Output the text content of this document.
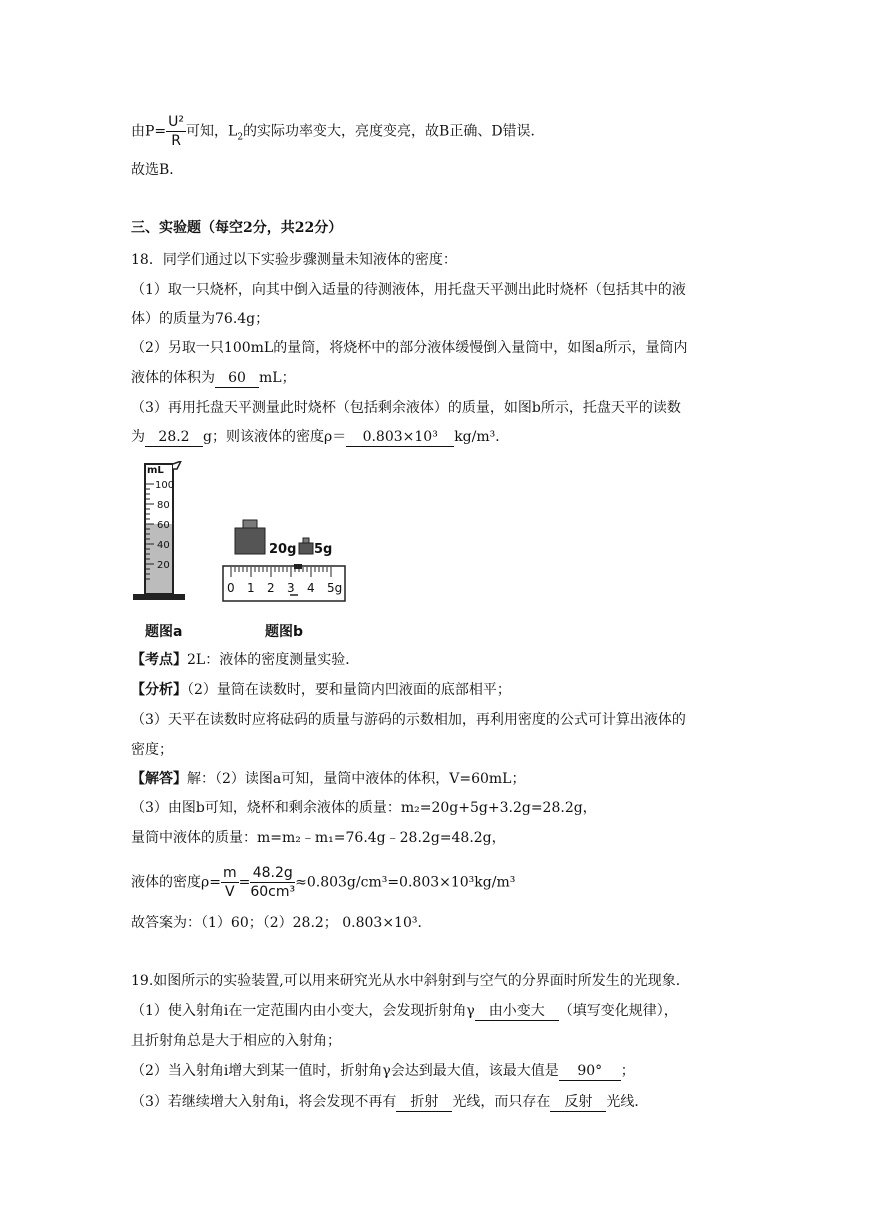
由$P= \frac{\text{U²}}{R}$ 可知，$L_2$的实际功率变大，亮度变亮，故B正确、D错误．
故选B．
三、实验题（每空2分，共22分）
18．同学们通过以下实验步骤测量未知液体的密度：
（1）取一只烧杯，向其中倒入适量的待测液体，用托盘天平测出此时烧杯（包括其中的液
体）的质量为76.4g；
（2）另取一只100mL的量筒，将烧杯中的部分液体缓慢倒入量筒中，如图a所示，量筒内
液体的体积为 60 mL；
（3）再用托盘天平测量此时烧杯（包括剩余液体）的质量，如图b所示，托盘天平的读数
为 28.2 g；则该液体的密度ρ＝ 0.803×10³ kg/m³．
mL
100
80
60
40
20
20g 5g
0 1 2 3 4 5g
题图a	题图b
【考点】2L：液体的密度测量实验．
【分析】（2）量筒在读数时，要和量筒内凹液面的底部相平；
（3）天平在读数时应将砝码的质量与游码的示数相加，再利用密度的公式可计算出液体的
密度；
【解答】解：（2）读图a可知，量筒中液体的体积，V=60mL；
（3）由图b可知，烧杯和剩余液体的质量：m₂=20g+5g+3.2g=28.2g，
量筒中液体的质量：m=m₂﹣m₁=76.4g﹣28.2g=48.2g，
液体的密度$\rho= \frac{m}{V} = \frac{48.2g}{\text{60cm³}} \approx 0.803g/cm^3=0.803\times 10^3kg/m^3$
故答案为：（1）60；（2）28.2； 0.803×10³．
19.如图所示的实验装置,可以用来研究光从水中斜射到与空气的分界面时所发生的光现象．
（1）使入射角i在一定范围内由小变大，会发现折射角γ 由小变大 （填写变化规律），
且折射角总是大于相应的入射角；
（2）当入射角i增大到某一值时，折射角γ会达到最大值，该最大值是 90° ；
（3）若继续增大入射角i，将会发现不再有 折射 光线，而只存在 反射 光线．
